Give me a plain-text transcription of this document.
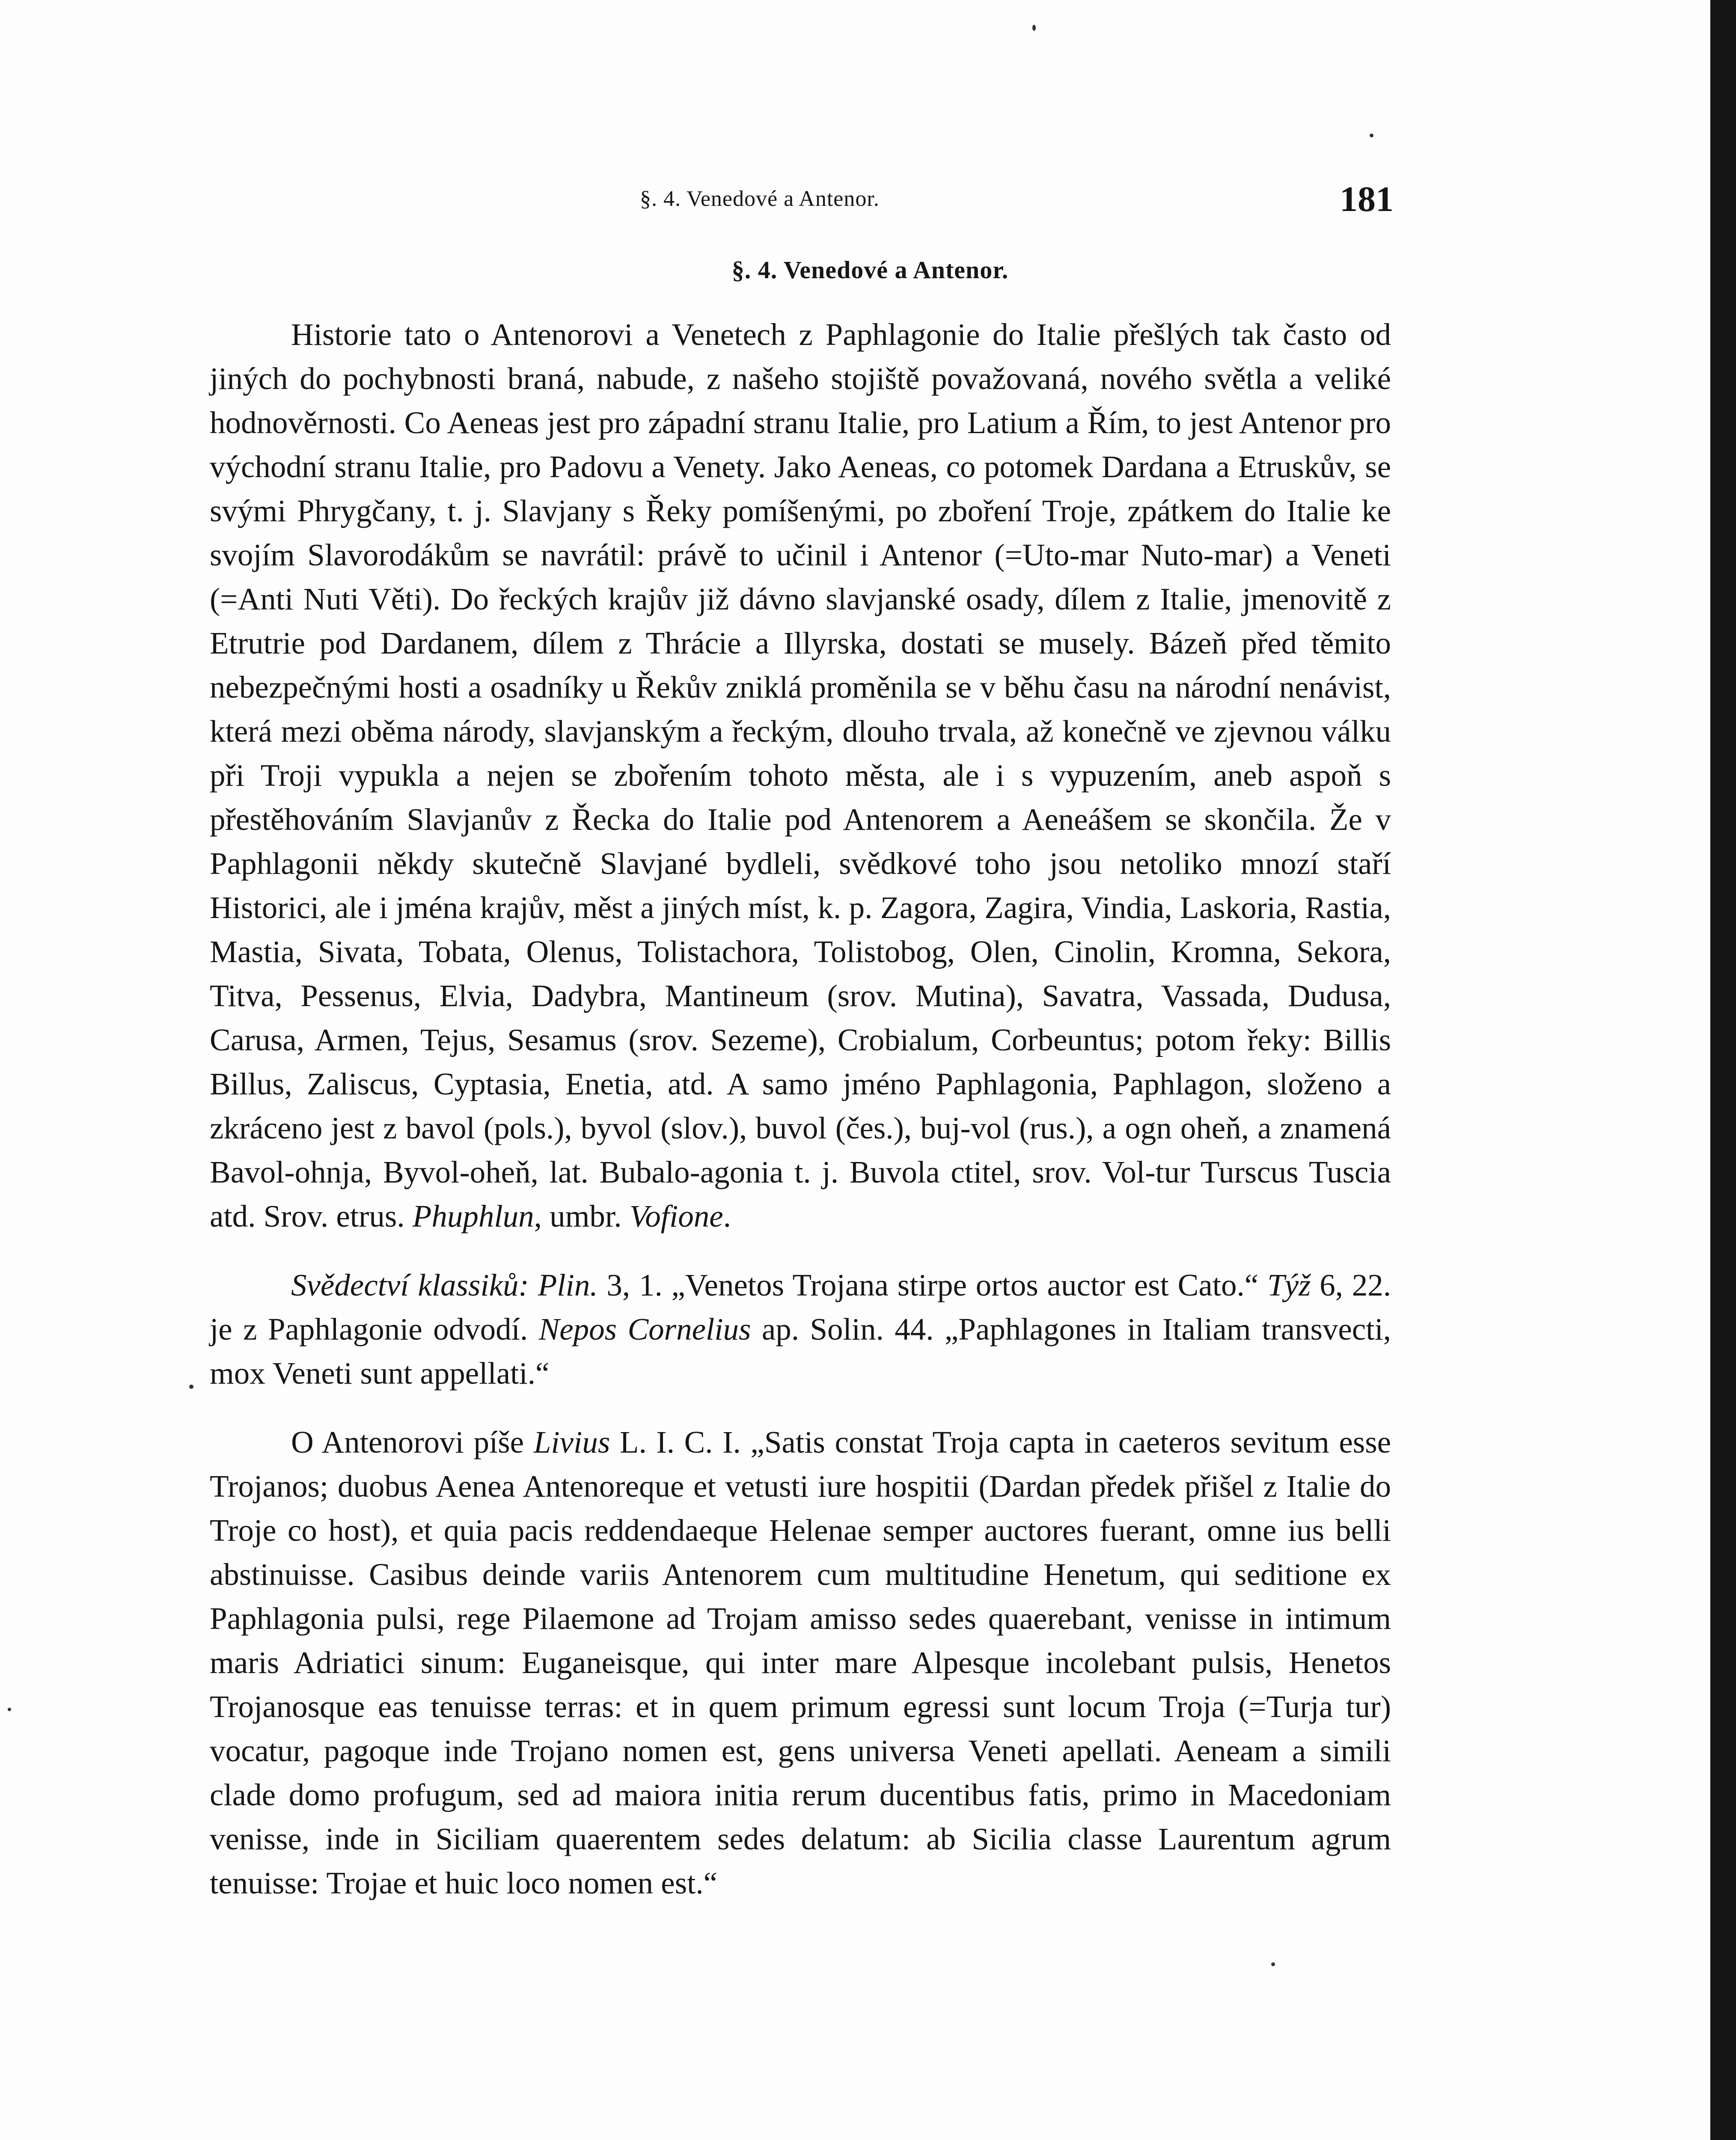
§. 4. Venedové a Antenor.	181
§. 4. Venedové a Antenor.

Historie tato o Antenorovi a Venetech z Paphlagonie do Italie přešlých tak často od jiných do pochybnosti braná, nabude, z našeho stojiště považovaná, nového světla a veliké hodnověrnosti. Co Aeneas jest pro západní stranu Italie, pro Latium a Řím, to jest Antenor pro východní stranu Italie, pro Padovu a Venety. Jako Aeneas, co potomek Dardana a Etruskův, se svými Phrygčany, t. j. Slavjany s Řeky pomíšenými, po zboření Troje, zpátkem do Italie ke svojím Slavorodákům se navrátil: právě to učinil i Antenor (=Uto-mar Nuto-mar) a Veneti (=Anti Nuti Věti). Do řeckých krajův již dávno slavjanské osady, dílem z Italie, jmenovitě z Etrutrie pod Dardanem, dílem z Thrácie a Illyrska, dostati se musely. Bázeň před těmito nebezpečnými hosti a osadníky u Řekův zniklá proměnila se v běhu času na národní nenávist, která mezi oběma národy, slavjanským a řeckým, dlouho trvala, až konečně ve zjevnou válku při Troji vypukla a nejen se zbořením tohoto města, ale i s vypuzením, aneb aspoň s přestěhováním Slavjanův z Řecka do Italie pod Antenorem a Aeneášem se skončila. Že v Paphlagonii někdy skutečně Slavjané bydleli, svědkové toho jsou netoliko mnozí staří Historici, ale i jména krajův, měst a jiných míst, k. p. Zagora, Zagira, Vindia, Laskoria, Rastia, Mastia, Sivata, Tobata, Olenus, Tolistachora, Tolistobog, Olen, Cinolin, Kromna, Sekora, Titva, Pessenus, Elvia, Dadybra, Mantineum (srov. Mutina), Savatra, Vassada, Dudusa, Carusa, Armen, Tejus, Sesamus (srov. Sezeme), Crobialum, Corbeuntus; potom řeky: Billis Billus, Zaliscus, Cyptasia, Enetia, atd. A samo jméno Paphlagonia, Paphlagon, složeno a zkráceno jest z bavol (pols.), byvol (slov.), buvol (čes.), buj-vol (rus.), a ogn oheň, a znamená Bavol-ohnja, Byvol-oheň, lat. Bubalo-agonia t. j. Buvola ctitel, srov. Vol-tur Turscus Tuscia atd. Srov. etrus. Phuphlun, umbr. Vofione.

Svědectví klassiků: Plin. 3, 1. „Venetos Trojana stirpe ortos auctor est Cato.“ Týž 6, 22. je z Paphlagonie odvodí. Nepos Cornelius ap. Solin. 44. „Paphlagones in Italiam transvecti, mox Veneti sunt appellati.“

O Antenorovi píše Livius L. I. C. I. „Satis constat Troja capta in caeteros sevitum esse Trojanos; duobus Aenea Antenoreque et vetusti iure hospitii (Dardan předek přišel z Italie do Troje co host), et quia pacis reddendaeque Helenae semper auctores fuerant, omne ius belli abstinuisse. Casibus deinde variis Antenorem cum multitudine Henetum, qui seditione ex Paphlagonia pulsi, rege Pilaemone ad Trojam amisso sedes quaerebant, venisse in intimum maris Adriatici sinum: Euganeisque, qui inter mare Alpesque incolebant pulsis, Henetos Trojanosque eas tenuisse terras: et in quem primum egressi sunt locum Troja (=Turja tur) vocatur, pagoque inde Trojano nomen est, gens universa Veneti apellati. Aeneam a simili clade domo profugum, sed ad maiora initia rerum ducentibus fatis, primo in Macedoniam venisse, inde in Siciliam quaerentem sedes delatum: ab Sicilia classe Laurentum agrum tenuisse: Trojae et huic loco nomen est.“
